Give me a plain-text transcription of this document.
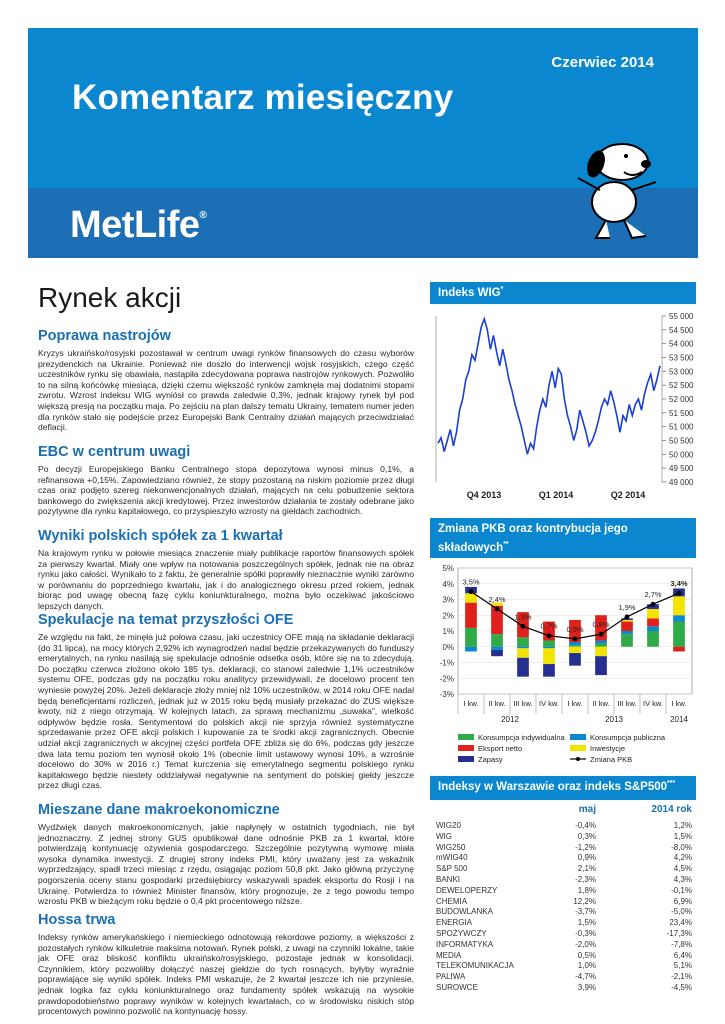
Czerwiec 2014
Komentarz miesięczny
MetLife®
Rynek akcji
Poprawa nastrojów
Kryzys ukraińsko/rosyjski pozostawał w centrum uwagi rynków finansowych do czasu wyborów prezydenckich na Ukrainie. Ponieważ nie doszło do interwencji wojsk rosyjskich, czego część uczestników rynku się obawiała, nastąpiła zdecydowana poprawa nastrojów rynkowych. Pozwoliło to na silną końcówkę miesiąca, dzięki czemu większość rynków zamknęła maj dodatnimi stopami zwrotu. Wzrost indeksu WIG wyniósł co prawda zaledwie 0,3%, jednak krajowy rynek był pod większą presją na początku maja. Po zejściu na plan dalszy tematu Ukrainy, tematem numer jeden dla rynków stało się podejście przez Europejski Bank Centralny działań mających przeciwdziałać deflacji.
EBC w centrum uwagi
Po decyzji Europejskiego Banku Centralnego stopa depozytowa wynosi minus 0,1%, a refinansowa +0,15%. Zapowiedziano również, że stopy pozostaną na niskim poziomie przez długi czas oraz podjęto szereg niekonwencjonalnych działań, mających na celu pobudzenie sektora bankowego do zwiększenia akcji kredytowej. Przez inwestorów działania te zostały odebrane jako pozytywne dla rynku kapitałowego, co przyspieszyło wzrosty na giełdach zachodnich.
Wyniki polskich spółek za 1 kwartał
Na krajowym rynku w połowie miesiąca znaczenie miały publikacje raportów finansowych spółek za pierwszy kwartał. Miały one wpływ na notowania poszczególnych spółek, jednak nie na obraz rynku jako całości. Wynikało to z faktu, że generalnie spółki poprawiły nieznacznie wyniki zarówno w porównaniu do poprzedniego kwartału, jak i do analogicznego okresu przed rokiem, jednak biorąc pod uwagę obecną fazę cyklu koniunkturalnego, można było oczekiwać jakościowo lepszych danych.
Spekulacje na temat przyszłości OFE
Ze względu na fakt, że minęła już połowa czasu, jaki uczestnicy OFE mają na składanie deklaracji (do 31 lipca), na mocy których 2,92% ich wynagrodzeń nadal będzie przekazywanych do funduszy emerytalnych, na rynku nasilają się spekulacje odnośnie odsetka osób, które się na to zdecydują. Do początku czerwca złożono około 185 tys. deklaracji, co stanowi zaledwie 1,1% uczestników systemu OFE, podczas gdy na początku roku analitycy przewidywali, że docelowo procent ten wyniesie powyżej 20%. Jeżeli deklaracje złoży mniej niż 10% uczestników, w 2014 roku OFE nadal będą beneficjentami rozliczeń, jednak już w 2015 roku będą musiały przekazać do ZUS większe kwoty, niż z niego otrzymają. W kolejnych latach, za sprawą mechanizmu „suwaka”, wielkość odpływów będzie rosła. Sentymentowi do polskich akcji nie sprzyja również systematyczne sprzedawanie przez OFE akcji polskich i kupowanie za te środki akcji zagranicznych. Obecnie udział akcji zagranicznych w akcyjnej części portfela OFE zbliża się do 6%, podczas gdy jeszcze dwa lata temu poziom ten wynosił około 1% (obecnie limit ustawowy wynosi 10%, a wzrośnie docelowo do 30% w 2016 r.) Temat kurczenia się emerytalnego segmentu polskiego rynku kapitałowego będzie niestety oddziaływał negatywnie na sentyment do polskiej giełdy jeszcze przez długi czas.
Mieszane dane makroekonomiczne
Wydźwięk danych makroekonomicznych, jakie napłynęły w ostatnich tygodniach, nie był jednoznaczny. Z jednej strony GUS opublikował dane odnośnie PKB za 1 kwartał, które potwierdzają kontynuację ożywienia gospodarczego. Szczególnie pozytywną wymowę miała wysoka dynamika inwestycji. Z drugiej strony indeks PMI, który uważany jest za wskaźnik wyprzedzający, spadł trzeci miesiąc z rzędu, osiągając poziom 50,8 pkt. Jako główną przyczynę pogorszenia oceny stanu gospodarki przedsiębiorcy wskazywali spadek eksportu do Rosji i na Ukrainę. Potwierdza to również Minister finansów, który prognozuje, że z tego powodu tempo wzrostu PKB w bieżącym roku będzie o 0,4 pkt procentowego niższe.
Hossa trwa
Indeksy rynków amerykańskiego i niemieckiego odnotowują rekordowe poziomy, a większości z pozostałych rynków kilkuletnie maksima notowań. Rynek polski, z uwagi na czynniki lokalne, takie jak OFE oraz bliskość konfliktu ukraińsko/rosyjskiego, pozostaje jednak w konsolidacji. Czynnikiem, który pozwoliłby dołączyć naszej giełdzie do tych rosnących, byłyby wyraźnie poprawiające się wyniki spółek. Indeks PMI wskazuje, że 2 kwartał jeszcze ich nie przyniesie, jednak logika faz cyklu koniunkturalnego oraz fundamenty spółek wskazują na wysokie prawdopodobieństwo poprawy wyników w kolejnych kwartałach, co w środowisku niskich stóp procentowych powinno pozwolić na kontynuację hossy.
Indeks WIG*
55 000
54 500
54 000
53 500
53 000
52 500
52 000
51 500
51 000
50 500
50 000
49 500
49 000
Q4 2013	Q1 2014	Q2 2014
Zmiana PKB oraz kontrybucja jego składowych**
5%
4%
3%
2%
1%
0%
-1%
-2%
-3%
I kw. II kw. III kw. IV kw. I kw. II kw. III kw. IV kw. I kw.
2012	2013	2014
3,5%
2,4%
1,3%
0,7% 0,5%
0,8%
1,9%
2,7%
3,4%
Konsumpcja indywidualna	Konsumpcja publiczna
Eksport netto	Inwestycje
Zapasy	Zmiana PKB
Indeksy w Warszawie oraz indeks S&P500***
maj	2014 rok
WIG20	-0,4%	1,2%
WIG	0,3%	1,5%
WIG250	-1,2%	-8,0%
mWIG40	0,9%	4,2%
S&P 500	2,1%	4,5%
BANKI	-2,3%	4,3%
DEWELOPERZY	1,8%	-0,1%
CHEMIA	12,2%	6,9%
BUDOWLANKA	-3,7%	-5,0%
ENERGIA	1,5%	23,4%
SPOŻYWCZY	-0,3%	-17,3%
INFORMATYKA	-2,0%	-7,8%
MEDIA	0,5%	6,4%
TELEKOMUNIKACJA	1,0%	5,1%
PALIWA	-4,7%	-2,1%
SUROWCE	3,9%	-4,5%
